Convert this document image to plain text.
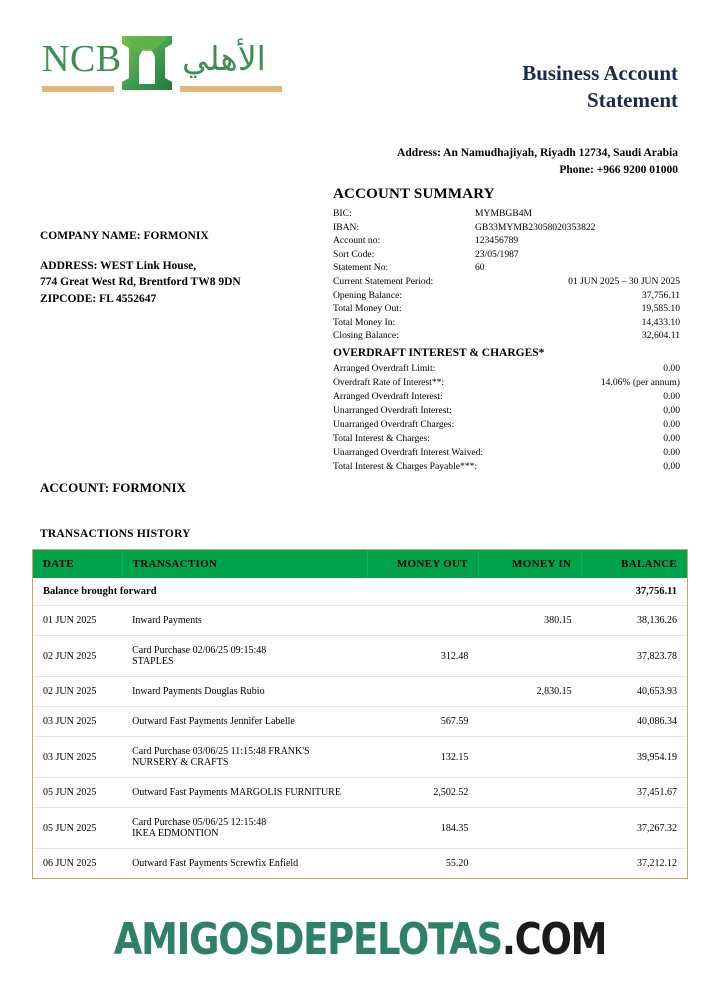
NCB الأهلي	Business Account
Statement
Address: An Namudhajiyah, Riyadh 12734, Saudi Arabia
Phone: +966 9200 01000
COMPANY NAME: FORMONIX
ADDRESS: WEST Link House,
774 Great West Rd, Brentford TW8 9DN
ZIPCODE: FL 4552647
ACCOUNT SUMMARY
BIC:	MYMBGB4M
IBAN:	GB33MYMB23058020353822
Account no:	123456789
Sort Code:	23/05/1987
Statement No:	60
Current Statement Period:	01 JUN 2025 – 30 JUN 2025
Opening Balance:	37,756.11
Total Money Out:	19,585.10
Total Money In:	14,433.10
Closing Balance:	32,604.11
OVERDRAFT INTEREST & CHARGES*
Arranged Overdraft Limit:	0.00
Overdraft Rate of Interest**:	14.06% (per annum)
Arranged Overdraft Interest:	0.00
Unarranged Overdraft Interest:	0.00
Unarranged Overdraft Charges:	0.00
Total Interest & Charges:	0.00
Unarranged Overdraft Interest Waived:	0.00
Total Interest & Charges Payable***:	0.00
ACCOUNT: FORMONIX
TRANSACTIONS HISTORY
DATE	TRANSACTION	MONEY OUT	MONEY IN	BALANCE
Balance brought forward				37,756.11
01 JUN 2025	Inward Payments		380.15	38,136.26
02 JUN 2025	Card Purchase 02/06/25 09:15:48
STAPLES	312.48		37,823.78
02 JUN 2025	Inward Payments Douglas Rubio		2,830.15	40,653.93
03 JUN 2025	Outward Fast Payments Jennifer Labelle	567.59		40,086.34
03 JUN 2025	Card Purchase 03/06/25 11:15:48 FRANK'S
NURSERY & CRAFTS	132.15		39,954.19
05 JUN 2025	Outward Fast Payments MARGOLIS FURNITURE	2,502.52		37,451.67
05 JUN 2025	Card Purchase 05/06/25 12:15:48
IKEA EDMONTION	184.35		37,267.32
06 JUN 2025	Outward Fast Payments Screwfix Enfield	55.20		37,212.12
AMIGOSDEPELOTAS.COM
